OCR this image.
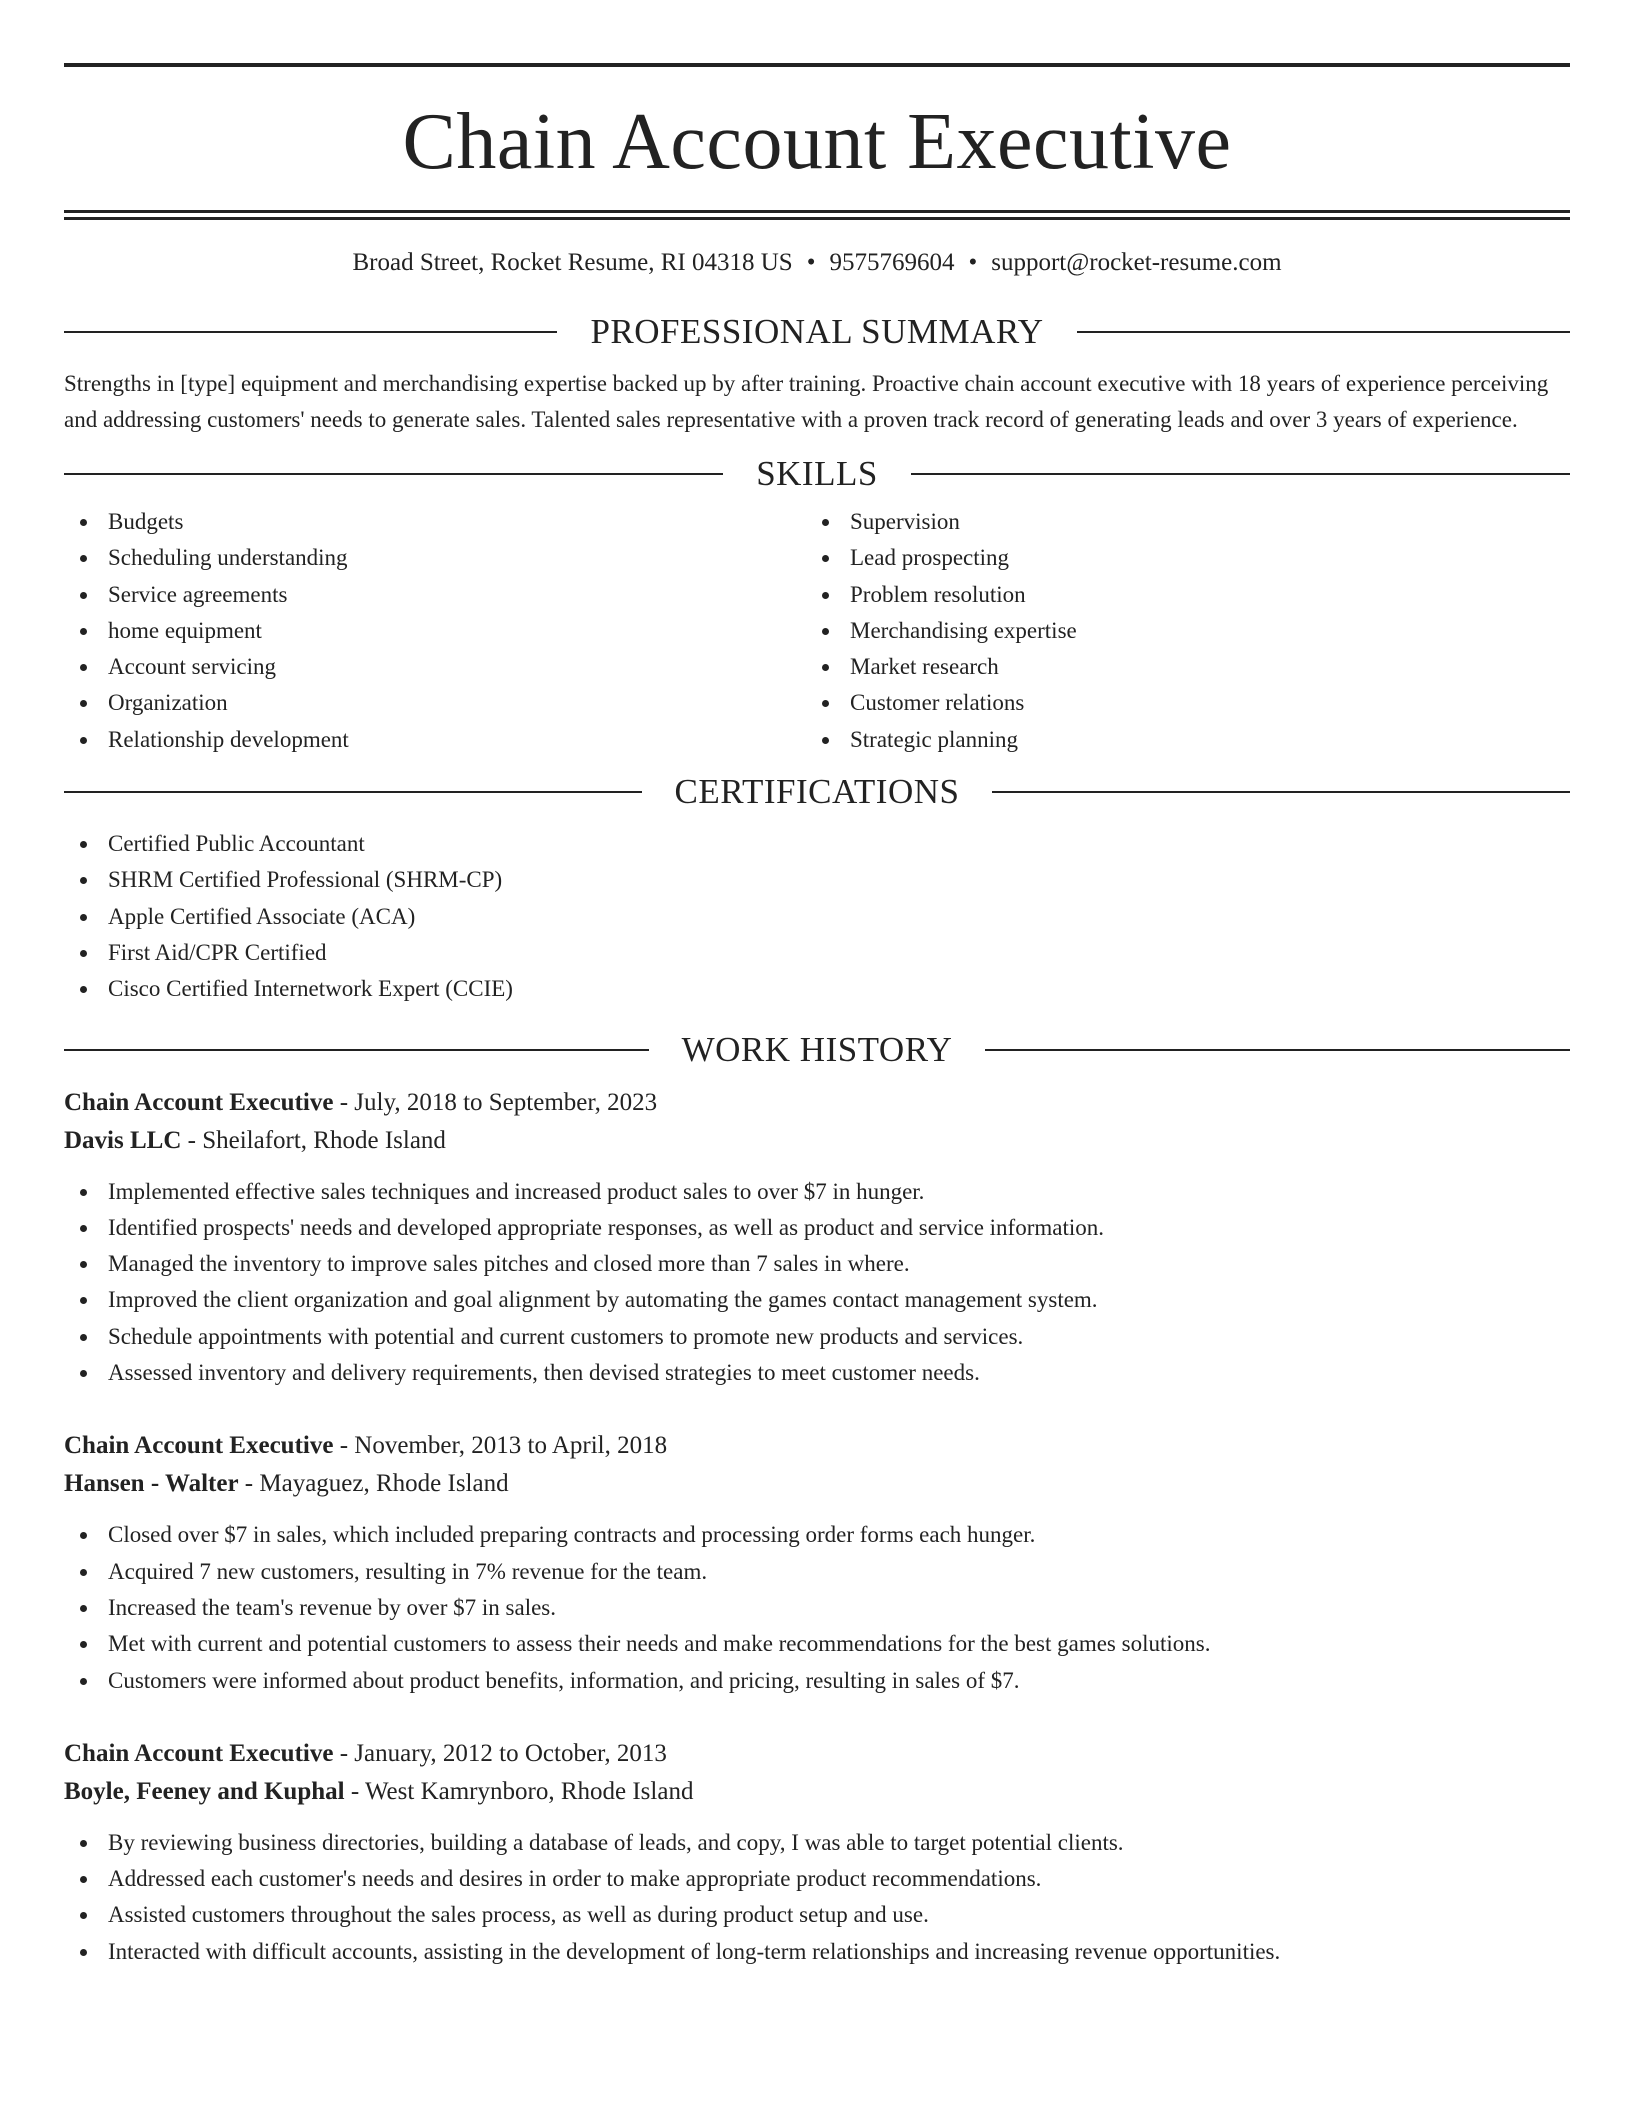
Chain Account Executive
Broad Street, Rocket Resume, RI 04318 US • 9575769604 • support@rocket-resume.com
PROFESSIONAL SUMMARY

Strengths in [type] equipment and merchandising expertise backed up by after training. Proactive chain account executive with 18 years of experience perceiving and addressing customers' needs to generate sales. Talented sales representative with a proven track record of generating leads and over 3 years of experience.

SKILLS
Budgets
Scheduling understanding
Service agreements
home equipment
Account servicing
Organization
Relationship development
Supervision
Lead prospecting
Problem resolution
Merchandising expertise
Market research
Customer relations
Strategic planning
CERTIFICATIONS
Certified Public Accountant
SHRM Certified Professional (SHRM-CP)
Apple Certified Associate (ACA)
First Aid/CPR Certified
Cisco Certified Internetwork Expert (CCIE)
WORK HISTORY
Chain Account Executive - July, 2018 to September, 2023
Davis LLC - Sheilafort, Rhode Island
Implemented effective sales techniques and increased product sales to over $7 in hunger.
Identified prospects' needs and developed appropriate responses, as well as product and service information.
Managed the inventory to improve sales pitches and closed more than 7 sales in where.
Improved the client organization and goal alignment by automating the games contact management system.
Schedule appointments with potential and current customers to promote new products and services.
Assessed inventory and delivery requirements, then devised strategies to meet customer needs.
Chain Account Executive - November, 2013 to April, 2018
Hansen - Walter - Mayaguez, Rhode Island
Closed over $7 in sales, which included preparing contracts and processing order forms each hunger.
Acquired 7 new customers, resulting in 7% revenue for the team.
Increased the team's revenue by over $7 in sales.
Met with current and potential customers to assess their needs and make recommendations for the best games solutions.
Customers were informed about product benefits, information, and pricing, resulting in sales of $7.
Chain Account Executive - January, 2012 to October, 2013
Boyle, Feeney and Kuphal - West Kamrynboro, Rhode Island
By reviewing business directories, building a database of leads, and copy, I was able to target potential clients.
Addressed each customer's needs and desires in order to make appropriate product recommendations.
Assisted customers throughout the sales process, as well as during product setup and use.
Interacted with difficult accounts, assisting in the development of long-term relationships and increasing revenue opportunities.
